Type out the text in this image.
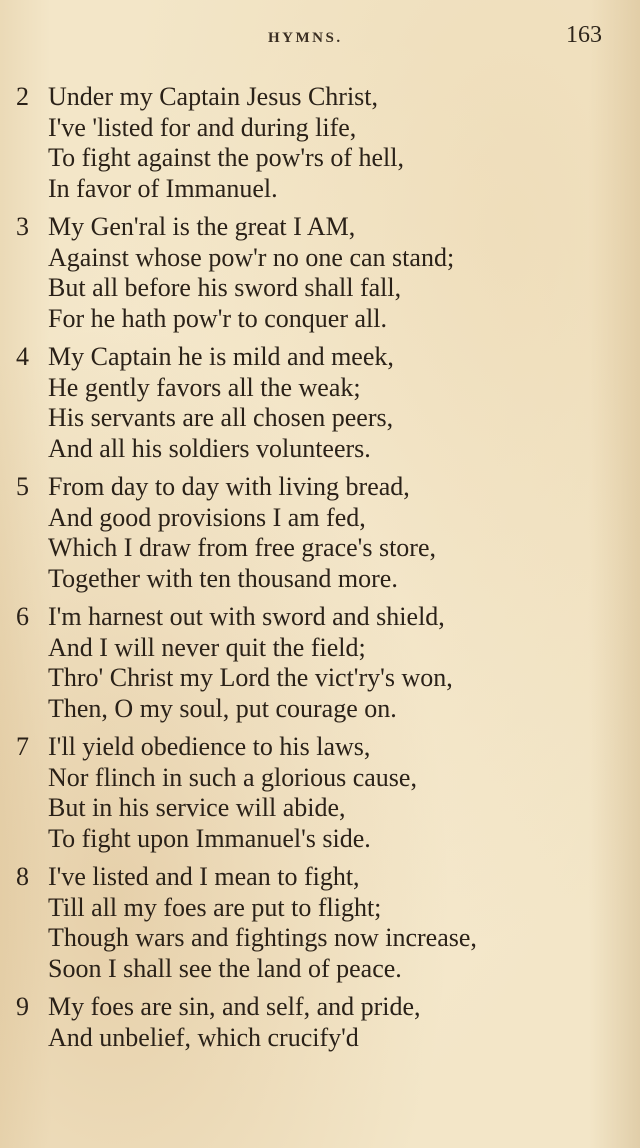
HYMNS.	163
2 Under my Captain Jesus Christ,
I've 'listed for and during life,
To fight against the pow'rs of hell,
In favor of Immanuel.
3 My Gen'ral is the great I AM,
Against whose pow'r no one can stand;
But all before his sword shall fall,
For he hath pow'r to conquer all.
4 My Captain he is mild and meek,
He gently favors all the weak;
His servants are all chosen peers,
And all his soldiers volunteers.
5 From day to day with living bread,
And good provisions I am fed,
Which I draw from free grace's store,
Together with ten thousand more.
6 I'm harnest out with sword and shield,
And I will never quit the field;
Thro' Christ my Lord the vict'ry's won,
Then, O my soul, put courage on.
7 I'll yield obedience to his laws,
Nor flinch in such a glorious cause,
But in his service will abide,
To fight upon Immanuel's side.
8 I've listed and I mean to fight,
Till all my foes are put to flight;
Though wars and fightings now increase,
Soon I shall see the land of peace.
9 My foes are sin, and self, and pride,
And unbelief, which crucify'd
